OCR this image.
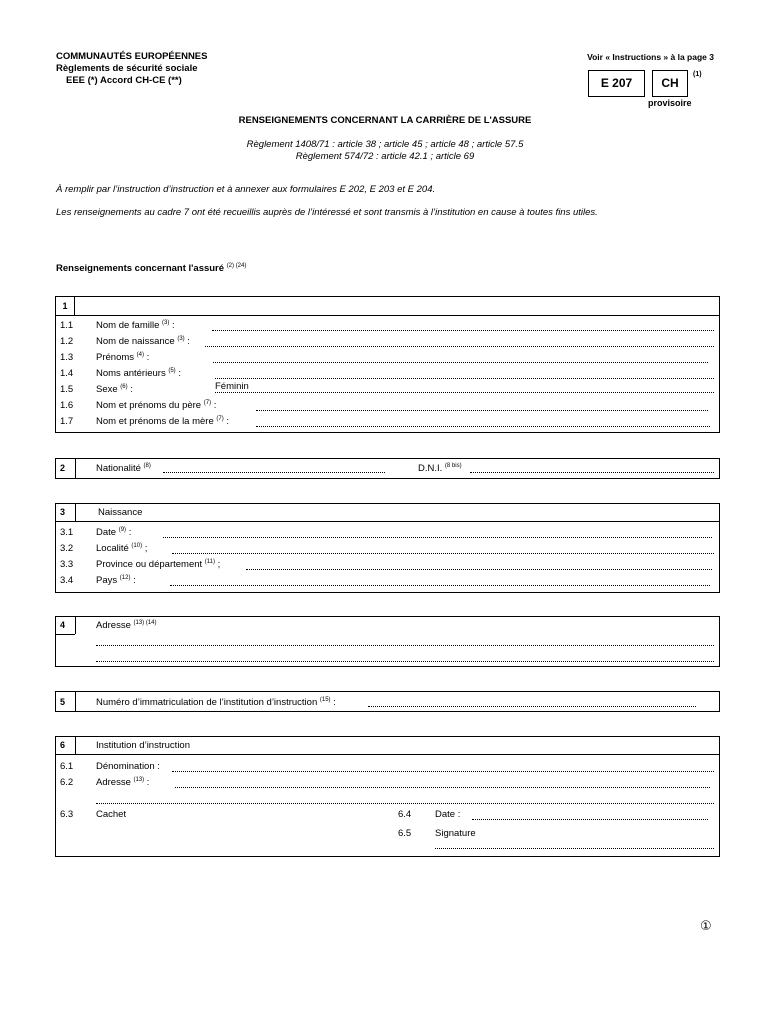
COMMUNAUTÉS EUROPÉENNES
Règlements de sécurité sociale
EEE (*) Accord CH-CE (**)
Voir « Instructions » à la page 3
E 207	CH
(1)
provisoire
RENSEIGNEMENTS CONCERNANT LA CARRIÈRE DE L'ASSURE
Règlement 1408/71 : article 38 ; article 45 ; article 48 ; article 57.5
Règlement 574/72 : article 42.1 ; article 69
À remplir par l’instruction d’instruction et à annexer aux formulaires E 202, E 203 et E 204.
Les renseignements au cadre 7 ont été recueillis auprès de l’intéressé et sont transmis à l’institution en cause à toutes fins utiles.
Renseignements concernant l'assuré $^{(2) (24)}$
1
1.1 Nom de famille $^{(3)}$ :
1.2 Nom de naissance $^{(3)}$ :
1.3 Prénoms $^{(4)}$ :
1.4 Noms antérieurs $^{(5)}$ :
1.5 Sexe $^{(6)}$ :	Féminin
1.6 Nom et prénoms du père $^{(7)}$ :
1.7 Nom et prénoms de la mère $^{(7)}$ :
2	Nationalité $^{(8)}$	D.N.I. $^{(8 bis)}$
3	Naissance
3.1 Date $^{(9)}$ :
3.2 Localité $^{(10)}$ ;
3.3 Province ou département $^{(11)}$ ;
3.4 Pays $^{(12)}$ :
4	Adresse $^{(13) (14)}$
5	Numéro d’immatriculation de l’institution d’instruction $^{(15)}$ :
6	Institution d’instruction
6.1 Dénomination :
6.2 Adresse $^{(13)}$ :
6.3 Cachet	6.4	Date :
6.5	Signature
①
